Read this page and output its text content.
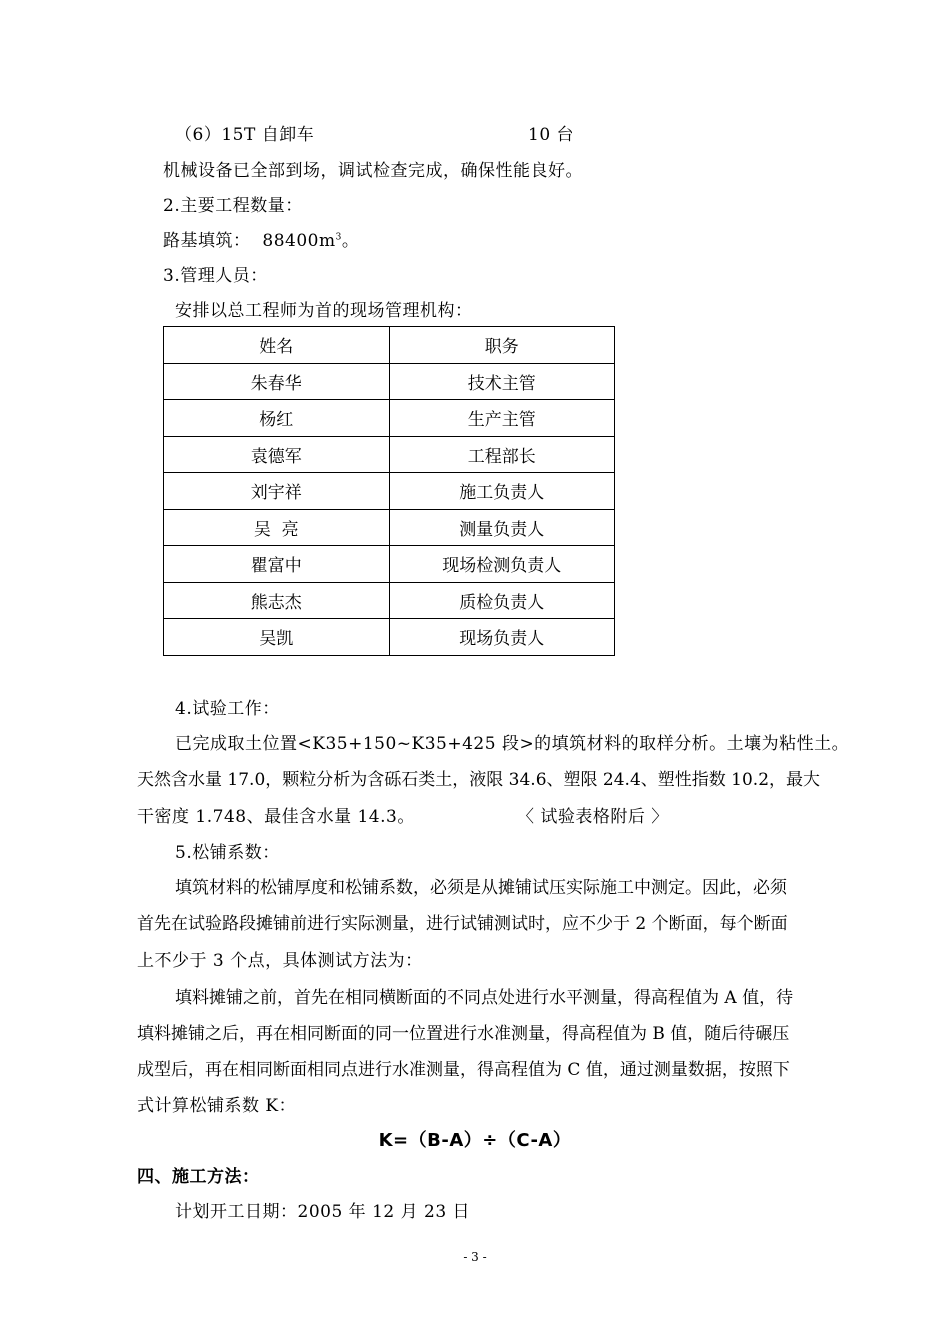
（6）15T 自卸车	10 台
机械设备已全部到场，调试检查完成，确保性能良好。
2.主要工程数量：
路基填筑： $88400m^3$。
3.管理人员：
安排以总工程师为首的现场管理机构：
姓名	职务
朱春华	技术主管
杨红	生产主管
袁德军	工程部长
刘宇祥	施工负责人
吴  亮	测量负责人
瞿富中	现场检测负责人
熊志杰	质检负责人
吴凯	现场负责人
4.试验工作：
已完成取土位置<K35+150~K35+425 段>的填筑材料的取样分析。土壤为粘性土。
天然含水量 17.0，颗粒分析为含砾石类土，液限 34.6、塑限 24.4、塑性指数 10.2，最大
干密度 1.748、最佳含水量 14.3。	〈 试验表格附后 〉
5.松铺系数：
填筑材料的松铺厚度和松铺系数，必须是从摊铺试压实际施工中测定。因此，必须
首先在试验路段摊铺前进行实际测量，进行试铺测试时，应不少于 2 个断面，每个断面
上不少于 3 个点，具体测试方法为：
填料摊铺之前，首先在相同横断面的不同点处进行水平测量，得高程值为 A 值，待
填料摊铺之后，再在相同断面的同一位置进行水准测量，得高程值为 B 值，随后待碾压
成型后，再在相同断面相同点进行水准测量，得高程值为 C 值，通过测量数据，按照下
式计算松铺系数 K：
K=（B-A）÷（C-A）
四、施工方法：
计划开工日期：2005 年 12 月 23 日
- 3 -
